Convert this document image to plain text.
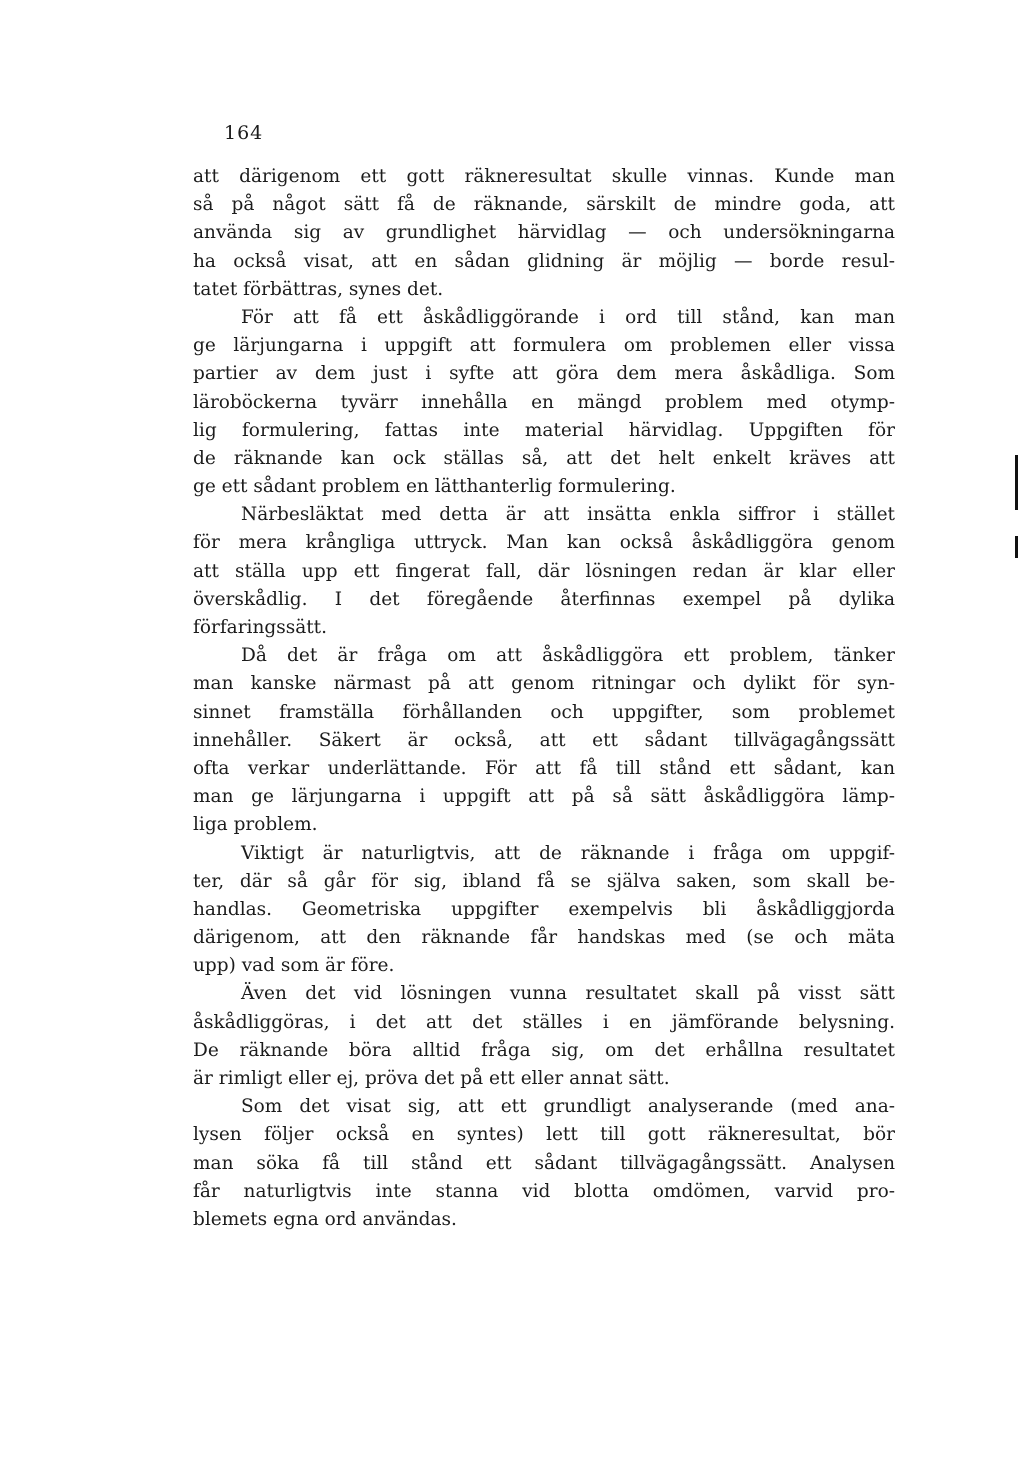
164
att därigenom ett gott räkneresultat skulle vinnas. Kunde man
så på något sätt få de räknande, särskilt de mindre goda, att
använda sig av grundlighet härvidlag — och undersökningarna
ha också visat, att en sådan glidning är möjlig — borde resul-
tatet förbättras, synes det.
För att få ett åskådliggörande i ord till stånd, kan man
ge lärjungarna i uppgift att formulera om problemen eller vissa
partier av dem just i syfte att göra dem mera åskådliga. Som
läroböckerna tyvärr innehålla en mängd problem med otymp-
lig formulering, fattas inte material härvidlag. Uppgiften för
de räknande kan ock ställas så, att det helt enkelt kräves att
ge ett sådant problem en lätthanterlig formulering.
Närbesläktat med detta är att insätta enkla siffror i stället
för mera krångliga uttryck. Man kan också åskådliggöra genom
att ställa upp ett fingerat fall, där lösningen redan är klar eller
överskådlig. I det föregående återfinnas exempel på dylika
förfaringssätt.
Då det är fråga om att åskådliggöra ett problem, tänker
man kanske närmast på att genom ritningar och dylikt för syn-
sinnet framställa förhållanden och uppgifter, som problemet
innehåller. Säkert är också, att ett sådant tillvägagångssätt
ofta verkar underlättande. För att få till stånd ett sådant, kan
man ge lärjungarna i uppgift att på så sätt åskådliggöra lämp-
liga problem.
Viktigt är naturligtvis, att de räknande i fråga om uppgif-
ter, där så går för sig, ibland få se själva saken, som skall be-
handlas. Geometriska uppgifter exempelvis bli åskådliggjorda
därigenom, att den räknande får handskas med (se och mäta
upp) vad som är före.
Även det vid lösningen vunna resultatet skall på visst sätt
åskådliggöras, i det att det ställes i en jämförande belysning.
De räknande böra alltid fråga sig, om det erhållna resultatet
är rimligt eller ej, pröva det på ett eller annat sätt.
Som det visat sig, att ett grundligt analyserande (med ana-
lysen följer också en syntes) lett till gott räkneresultat, bör
man söka få till stånd ett sådant tillvägagångssätt. Analysen
får naturligtvis inte stanna vid blotta omdömen, varvid pro-
blemets egna ord användas.
